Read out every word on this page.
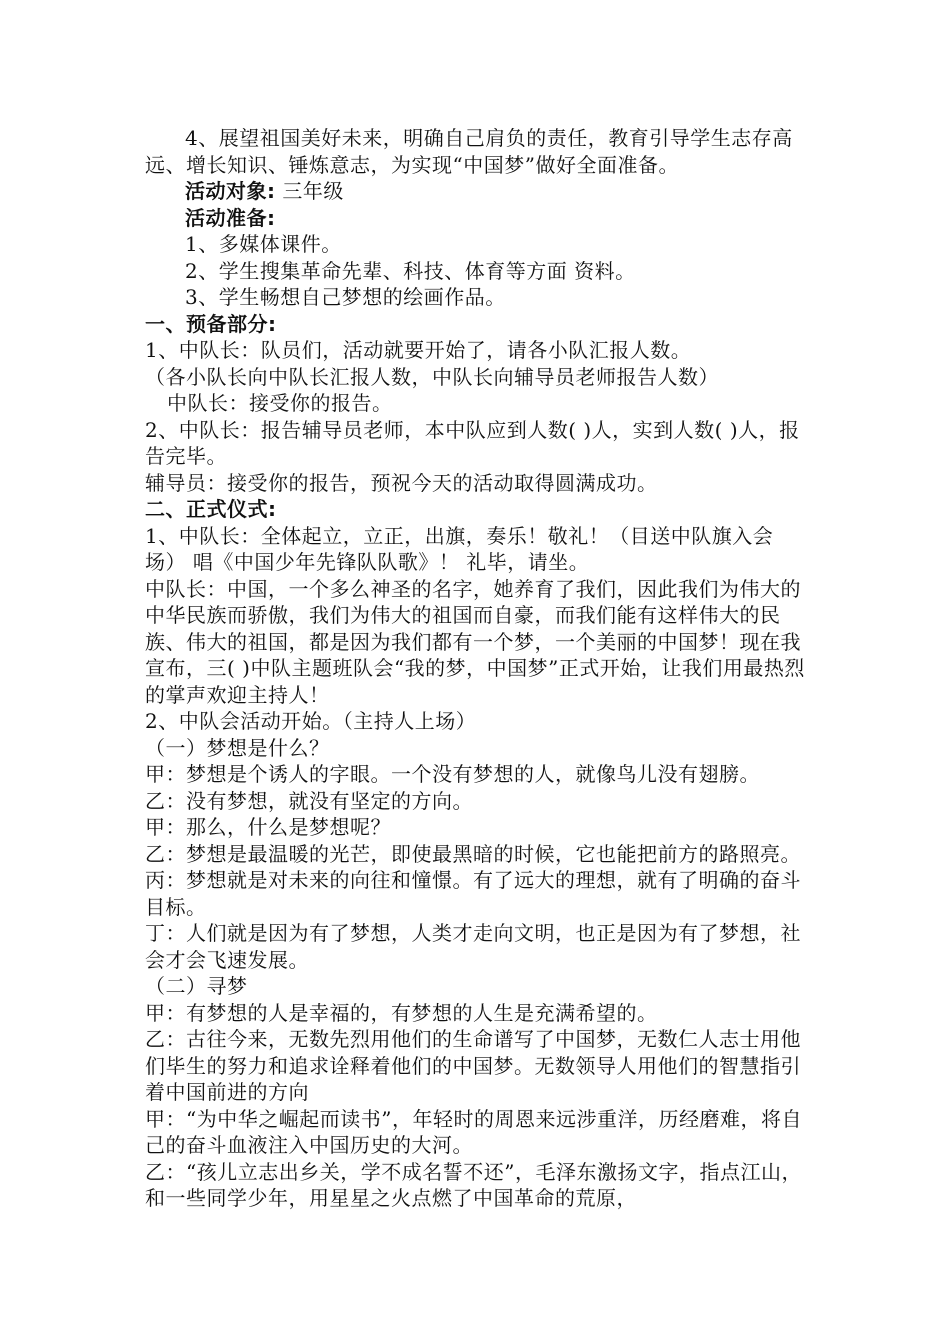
4、展望祖国美好未来，明确自己肩负的责任，教育引导学生志存高远、增长知识、锤炼意志，为实现“中国梦”做好全面准备。

活动对象: 三年级

活动准备:

1、多媒体课件。

2、学生搜集革命先辈、科技、体育等方面 资料。

3、学生畅想自己梦想的绘画作品。

一、预备部分:

1、中队长：队员们，活动就要开始了，请各小队汇报人数。

（各小队长向中队长汇报人数，中队长向辅导员老师报告人数）

中队长：接受你的报告。

2、中队长：报告辅导员老师，本中队应到人数( )人，实到人数( )人，报告完毕。

辅导员：接受你的报告，预祝今天的活动取得圆满成功。

二、正式仪式:

1、中队长：全体起立，立正，出旗，奏乐！敬礼！（目送中队旗入会场） 唱《中国少年先锋队队歌》！ 礼毕，请坐。

中队长：中国，一个多么神圣的名字，她养育了我们，因此我们为伟大的中华民族而骄傲，我们为伟大的祖国而自豪，而我们能有这样伟大的民族、伟大的祖国，都是因为我们都有一个梦，一个美丽的中国梦！现在我宣布，三( )中队主题班队会“我的梦，中国梦”正式开始，让我们用最热烈的掌声欢迎主持人！

2、中队会活动开始。（主持人上场）

（一）梦想是什么？

甲：梦想是个诱人的字眼。一个没有梦想的人，就像鸟儿没有翅膀。

乙：没有梦想，就没有坚定的方向。

甲：那么，什么是梦想呢？

乙：梦想是最温暖的光芒，即使最黑暗的时候，它也能把前方的路照亮。

丙：梦想就是对未来的向往和憧憬。有了远大的理想，就有了明确的奋斗目标。

丁：人们就是因为有了梦想，人类才走向文明，也正是因为有了梦想，社会才会飞速发展。

（二）寻梦

甲：有梦想的人是幸福的，有梦想的人生是充满希望的。

乙：古往今来，无数先烈用他们的生命谱写了中国梦，无数仁人志士用他们毕生的努力和追求诠释着他们的中国梦。无数领导人用他们的智慧指引着中国前进的方向

甲：“为中华之崛起而读书”，年轻时的周恩来远涉重洋，历经磨难，将自己的奋斗血液注入中国历史的大河。

乙：“孩儿立志出乡关，学不成名誓不还”，毛泽东激扬文字，指点江山，和一些同学少年，用星星之火点燃了中国革命的荒原，
